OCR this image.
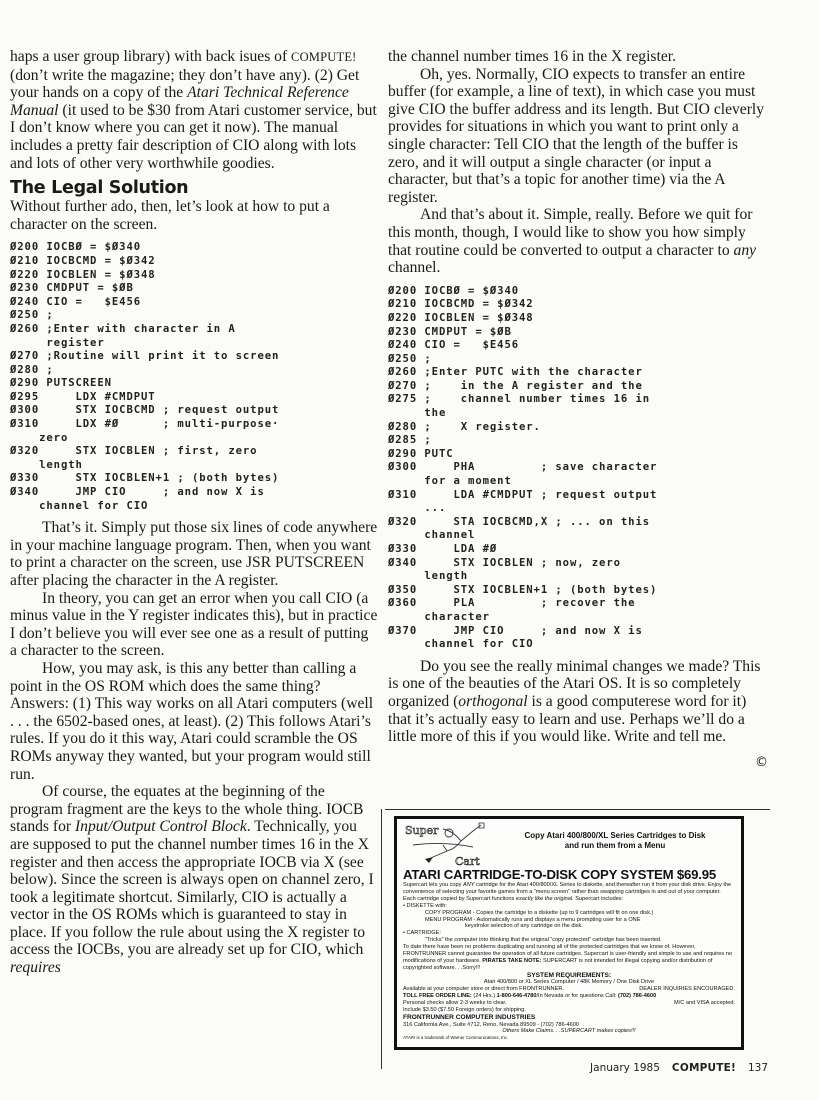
haps a user group library) with back isues of COMPUTE! (don’t write the magazine; they don’t have any). (2) Get your hands on a copy of the Atari Technical Reference Manual (it used to be $30 from Atari customer service, but I don’t know where you can get it now). The manual includes a pretty fair description of CIO along with lots and lots of other very worthwhile goodies.

The Legal Solution

Without further ado, then, let’s look at how to put a character on the screen.

Ø200 IOCBØ = $Ø340
Ø210 IOCBCMD = $Ø342
Ø220 IOCBLEN = $Ø348
Ø230 CMDPUT = $ØB
Ø240 CIO =   $E456
Ø250 ;
Ø260 ;Enter with character in A
register
Ø270 ;Routine will print it to screen
Ø280 ;
Ø290 PUTSCREEN
Ø295     LDX #CMDPUT
Ø300     STX IOCBCMD ; request output
Ø310     LDX #Ø      ; multi-purpose·
zero
Ø320     STX IOCBLEN ; first, zero
length
Ø330     STX IOCBLEN+1 ; (both bytes)
Ø340     JMP CIO     ; and now X is
channel for CIO

That’s it. Simply put those six lines of code anywhere in your machine language program. Then, when you want to print a character on the screen, use JSR PUTSCREEN after placing the character in the A register.

In theory, you can get an error when you call CIO (a minus value in the Y register indicates this), but in practice I don’t believe you will ever see one as a result of putting a character to the screen.

How, you may ask, is this any better than calling a point in the OS ROM which does the same thing? Answers: (1) This way works on all Atari computers (well . . . the 6502-based ones, at least). (2) This follows Atari’s rules. If you do it this way, Atari could scramble the OS ROMs anyway they wanted, but your program would still run.

Of course, the equates at the beginning of the program fragment are the keys to the whole thing. IOCB stands for Input/Output Control Block. Technically, you are supposed to put the channel number times 16 in the X register and then access the appropriate IOCB via X (see below). Since the screen is always open on channel zero, I took a legitimate shortcut. Similarly, CIO is actually a vector in the OS ROMs which is guaranteed to stay in place. If you follow the rule about using the X register to access the IOCBs, you are already set up for CIO, which requires

the channel number times 16 in the X register.

Oh, yes. Normally, CIO expects to transfer an entire buffer (for example, a line of text), in which case you must give CIO the buffer address and its length. But CIO cleverly provides for situations in which you want to print only a single character: Tell CIO that the length of the buffer is zero, and it will output a single character (or input a character, but that’s a topic for another time) via the A register.

And that’s about it. Simple, really. Before we quit for this month, though, I would like to show you how simply that routine could be converted to output a character to any channel.

Ø200 IOCBØ = $Ø340
Ø210 IOCBCMD = $Ø342
Ø220 IOCBLEN = $Ø348
Ø230 CMDPUT = $ØB
Ø240 CIO =   $E456
Ø250 ;
Ø260 ;Enter PUTC with the character
Ø270 ;    in the A register and the
Ø275 ;    channel number times 16 in
the
Ø280 ;    X register.
Ø285 ;
Ø290 PUTC
Ø300     PHA         ; save character
for a moment
Ø310     LDA #CMDPUT ; request output
...
Ø320     STA IOCBCMD,X ; ... on this
channel
Ø330     LDA #Ø
Ø340     STX IOCBLEN ; now, zero
length
Ø350     STX IOCBLEN+1 ; (both bytes)
Ø360     PLA         ; recover the
character
Ø370     JMP CIO     ; and now X is
channel for CIO

Do you see the really minimal changes we made? This is one of the beauties of the Atari OS. It is so completely organized (orthogonal is a good computerese word for it) that it’s actually easy to learn and use. Perhaps we’ll do a little more of this if you would like. Write and tell me.

©
Super
Cart
Copy Atari 400/800/XL Series Cartridges to Disk
and run them from a Menu
ATARI CARTRIDGE-TO-DISK COPY SYSTEM $69.95
Supercart lets you copy ANY cartridge for the Atari 400/800/XL Series to diskette, and thereafter run it from your disk drive. Enjoy the convenience of selecting your favorite games from a “menu screen” rather than swapping cartridges in and out of your computer. Each cartridge copied by Supercart functions exactly like the original. Supercart includes:
• DISKETTE with:
COPY PROGRAM - Copies the cartridge to a diskette (up to 9 cartridges will fit on one disk.)
MENU PROGRAM - Automatically runs and displays a menu prompting user for a ONE
keystroke selection of any cartridge on the disk.
• CARTRIDGE:
“Tricks” the computer into thinking that the original “copy protected” cartridge has been inserted.
To date there have been no problems duplicating and running all of the protected cartridges that we know of. However, FRONTRUNNER cannot guarantee the operation of all future cartridges. Supercart is user-friendly and simple to use and requires no modifications of your hardware. PIRATES TAKE NOTE: SUPERCART is not intended for illegal copying and/or distribution of copyrighted software. . .Sorry!!!
SYSTEM REQUIREMENTS:
Atari 400/800 or XL Series Computer / 48K Memory / One Disk Drive
Available at your computer store or direct from FRONTRUNNER.	DEALER INQUIRIES ENCOURAGED.
TOLL FREE ORDER LINE: (24 Hrs.) 1-800-646-4780/In Nevada or for questions Call: (702) 786-4600
Personal checks allow 2-3 weeks to clear.	M/C and VISA accepted.
Include $3.50 ($7.50 Foreign orders) for shipping.
FRONTRUNNER COMPUTER INDUSTRIES
316 California Ave., Suite #712, Reno, Nevada 89509 - (702) 786-4600
Others Make Claims. . .SUPERCART makes copies!!!
ATARI is a trademark of Warner Communications, Inc.
January 1985 COMPUTE! 137
